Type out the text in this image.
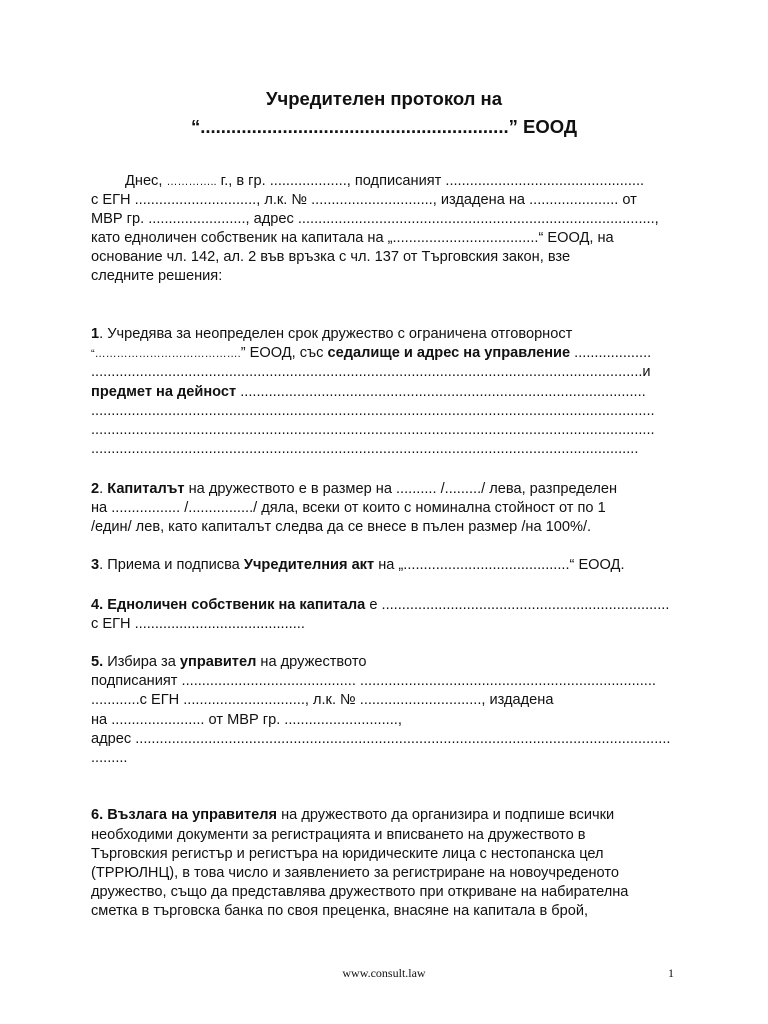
Учредителен протокол на
“............................................................” ЕООД

Днес, ………….. г., в гр. ..................., подписаният .................................................

с ЕГН .............................., л.к. № .............................., издадена на ...................... от

МВР гр. ........................, адрес ........................................................................................,

като едноличен собственик на капитала на „....................................“ ЕООД, на

основание чл. 142, ал. 2 във връзка с чл. 137 от Търговския закон, взе

следните решения:

1. Учредява за неопределен срок дружество с ограничена отговорност

“………………………………….” ЕООД, със седалище и адрес на управление ...................

........................................................................................................................................и

предмет на дейност ....................................................................................................

...........................................................................................................................................

...........................................................................................................................................

.......................................................................................................................................

2. Капиталът на дружеството е в размер на .......... /........./ лева, разпределен

на ................. /................/ дяла, всеки от които с номинална стойност от по 1

/един/ лев, като капиталът следва да се внесе в пълен размер /на 100%/.

3. Приема и подписва Учредителния акт на „.........................................“ ЕООД.

4. Едноличен собственик на капитала е .......................................................................

с ЕГН ..........................................

5. Избира за управител на дружеството

подписаният ........................................... .........................................................................

............с ЕГН .............................., л.к. № .............................., издадена

на ....................... от МВР гр. ............................,

адрес ....................................................................................................................................

.........

6. Възлага на управителя на дружеството да организира и подпише всички

необходими документи за регистрацията и вписването на дружеството в

Търговския регистър и регистъра на юридическите лица с нестопанска цел

(ТРРЮЛНЦ), в това число и заявлението за регистриране на новоучреденото

дружество, също да представлява дружеството при откриване на набирателна

сметка в търговска банка по своя преценка, внасяне на капитала в брой,

www.consult.law	1
